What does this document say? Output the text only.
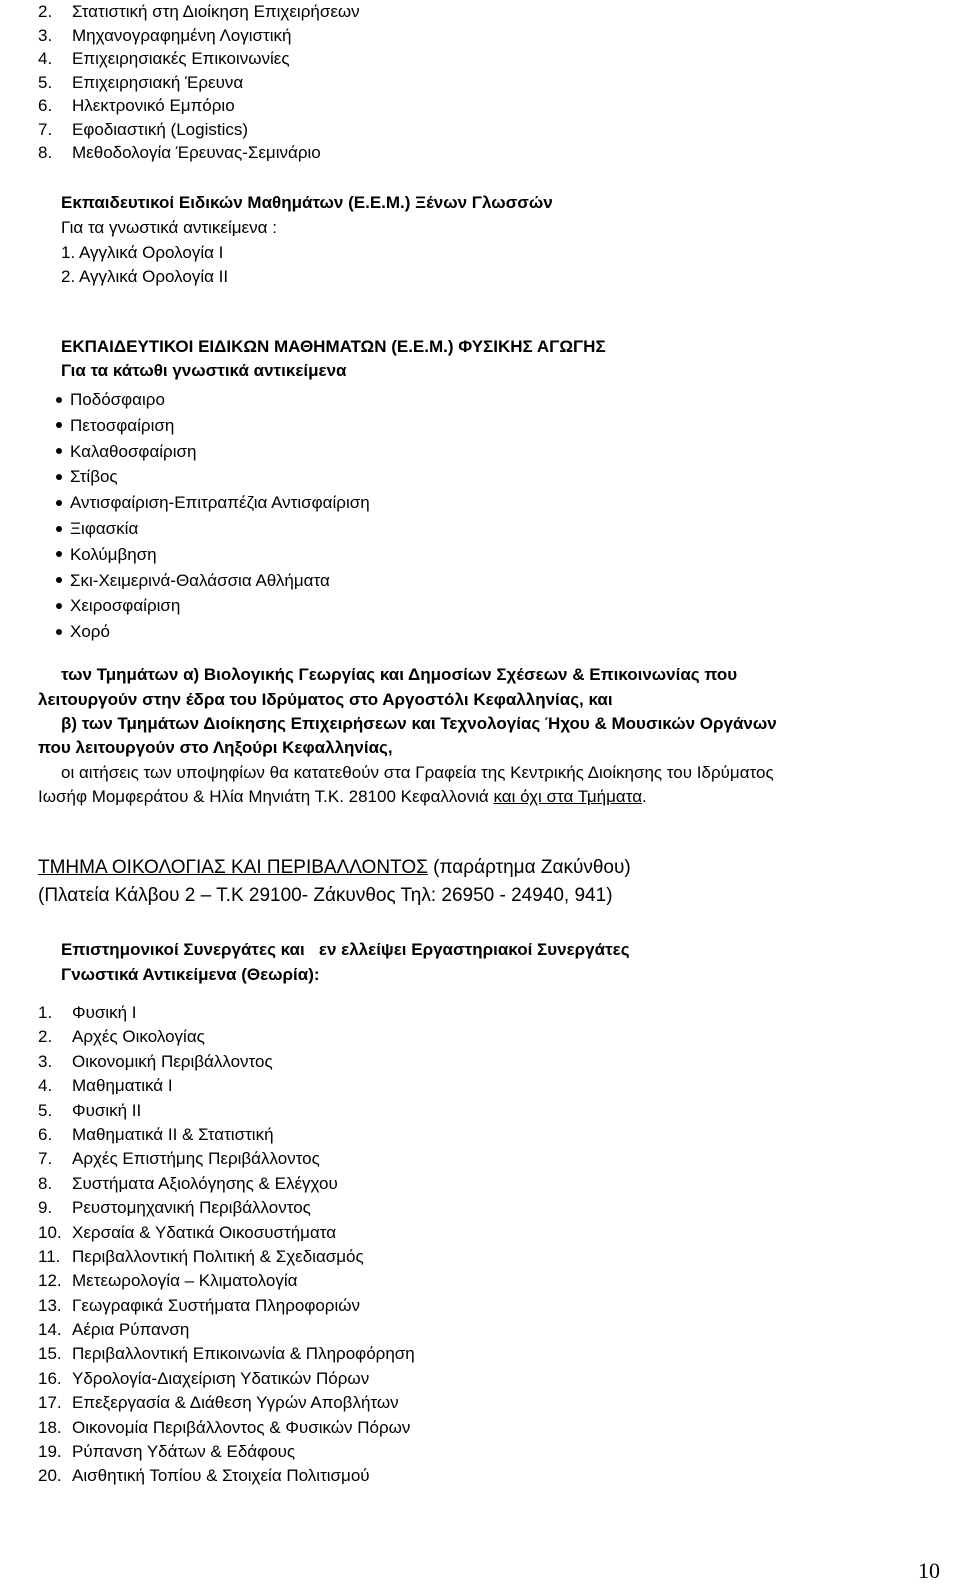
2. Στατιστική στη Διοίκηση Επιχειρήσεων
3. Μηχανογραφημένη Λογιστική
4. Επιχειρησιακές Επικοινωνίες
5. Επιχειρησιακή Έρευνα
6. Ηλεκτρονικό Εμπόριο
7. Εφοδιαστική (Logistics)
8. Μεθοδολογία Έρευνας-Σεμινάριο
Εκπαιδευτικοί Ειδικών Μαθημάτων (Ε.Ε.Μ.) Ξένων Γλωσσών
Για τα γνωστικά αντικείμενα :
1. Αγγλικά Ορολογία Ι
2. Αγγλικά Ορολογία ΙΙ
ΕΚΠΑΙΔΕΥΤΙΚΟΙ ΕΙΔΙΚΩΝ ΜΑΘΗΜΑΤΩΝ (Ε.Ε.Μ.) ΦΥΣΙΚΗΣ ΑΓΩΓΗΣ
Για τα κάτωθι γνωστικά αντικείμενα
Ποδόσφαιρο
Πετοσφαίριση
Καλαθοσφαίριση
Στίβος
Αντισφαίριση-Επιτραπέζια Αντισφαίριση
Ξιφασκία
Κολύμβηση
Σκι-Χειμερινά-Θαλάσσια Αθλήματα
Χειροσφαίριση
Χορό
των Τμημάτων α) Βιολογικής Γεωργίας και Δημοσίων Σχέσεων & Επικοινωνίας που
λειτουργούν στην έδρα του Ιδρύματος στο Αργοστόλι Κεφαλληνίας, και
β) των Τμημάτων Διοίκησης Επιχειρήσεων και Τεχνολογίας Ήχου & Μουσικών Οργάνων
που λειτουργούν στο Ληξούρι Κεφαλληνίας,
οι αιτήσεις των υποψηφίων θα κατατεθούν στα Γραφεία της Κεντρικής Διοίκησης του Ιδρύματος
Ιωσήφ Μομφεράτου & Ηλία Μηνιάτη Τ.Κ. 28100 Κεφαλλονιά και όχι στα Τμήματα.
ΤΜΗΜΑ ΟΙΚΟΛΟΓΙΑΣ ΚΑΙ ΠΕΡΙΒΑΛΛΟΝΤΟΣ (παράρτημα Ζακύνθου)
(Πλατεία Κάλβου 2 – Τ.Κ 29100- Ζάκυνθος Τηλ: 26950 - 24940, 941)
Επιστημονικοί Συνεργάτες και   εν ελλείψει Εργαστηριακοί Συνεργάτες
Γνωστικά Αντικείμενα (Θεωρία):
1. Φυσική Ι
2. Αρχές Οικολογίας
3. Οικονομική Περιβάλλοντος
4. Μαθηματικά Ι
5. Φυσική ΙΙ
6. Μαθηματικά ΙΙ & Στατιστική
7. Αρχές Επιστήμης Περιβάλλοντος
8. Συστήματα Αξιολόγησης & Ελέγχου
9. Ρευστομηχανική Περιβάλλοντος
10. Χερσαία & Υδατικά Οικοσυστήματα
11. Περιβαλλοντική Πολιτική & Σχεδιασμός
12. Μετεωρολογία – Κλιματολογία
13. Γεωγραφικά Συστήματα Πληροφοριών
14. Αέρια Ρύπανση
15. Περιβαλλοντική Επικοινωνία & Πληροφόρηση
16. Υδρολογία-Διαχείριση Υδατικών Πόρων
17. Επεξεργασία & Διάθεση Υγρών Αποβλήτων
18. Οικονομία Περιβάλλοντος & Φυσικών Πόρων
19. Ρύπανση Υδάτων & Εδάφους
20. Αισθητική Τοπίου & Στοιχεία Πολιτισμού
10
